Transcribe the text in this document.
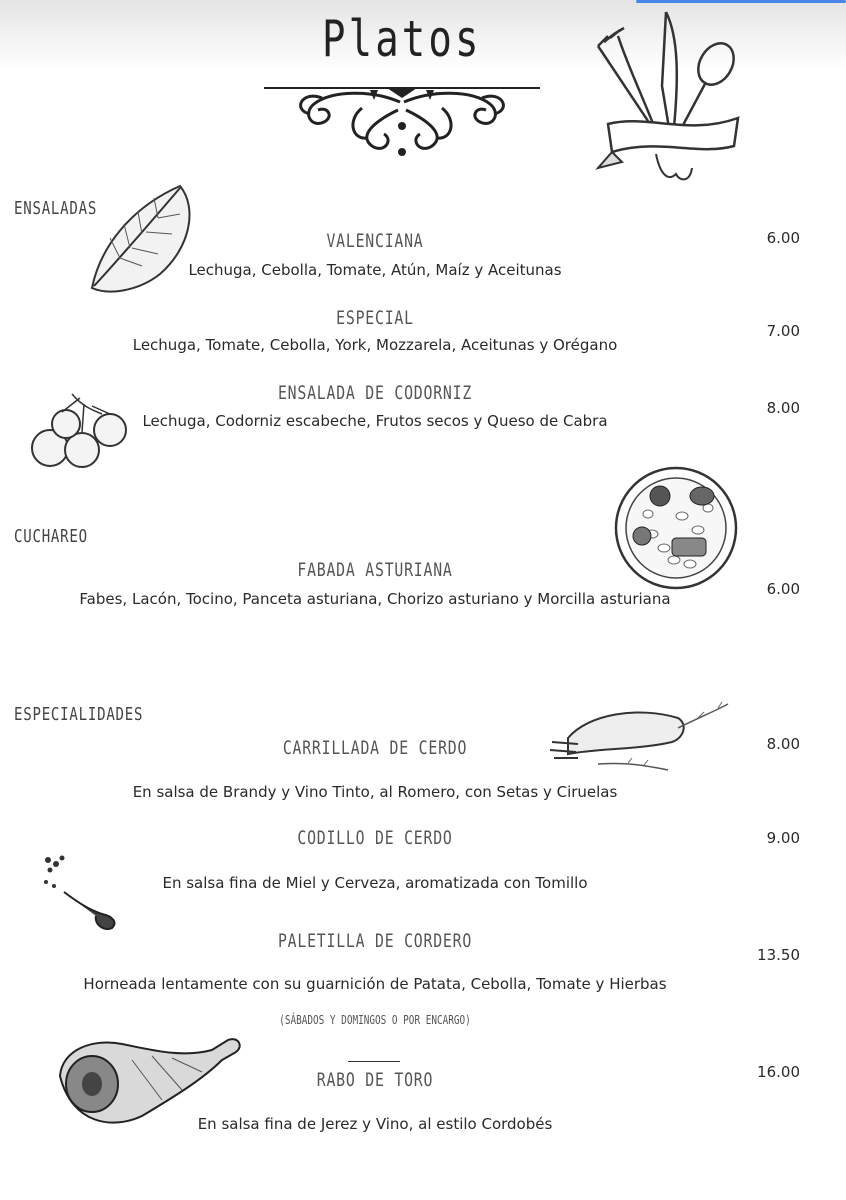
Platos
ENSALADAS
CUCHAREO
ESPECIALIDADES
VALENCIANA
Lechuga, Cebolla, Tomate, Atún, Maíz y Aceitunas
6.00
ESPECIAL
Lechuga, Tomate, Cebolla, York, Mozzarela, Aceitunas y Orégano
7.00
ENSALADA DE CODORNIZ
Lechuga, Codorniz escabeche, Frutos secos y Queso de Cabra
8.00
FABADA ASTURIANA
Fabes, Lacón, Tocino, Panceta asturiana, Chorizo asturiano y Morcilla asturiana
6.00
CARRILLADA DE CERDO
En salsa de Brandy y Vino Tinto, al Romero, con Setas y Ciruelas
8.00
CODILLO DE CERDO
En salsa fina de Miel y Cerveza, aromatizada con Tomillo
9.00
PALETILLA DE CORDERO
Horneada lentamente con su guarnición de Patata, Cebolla, Tomate y Hierbas
(SÁBADOS Y DOMINGOS O POR ENCARGO)
13.50
RABO DE TORO
En salsa fina de Jerez y Vino, al estilo Cordobés
16.00
